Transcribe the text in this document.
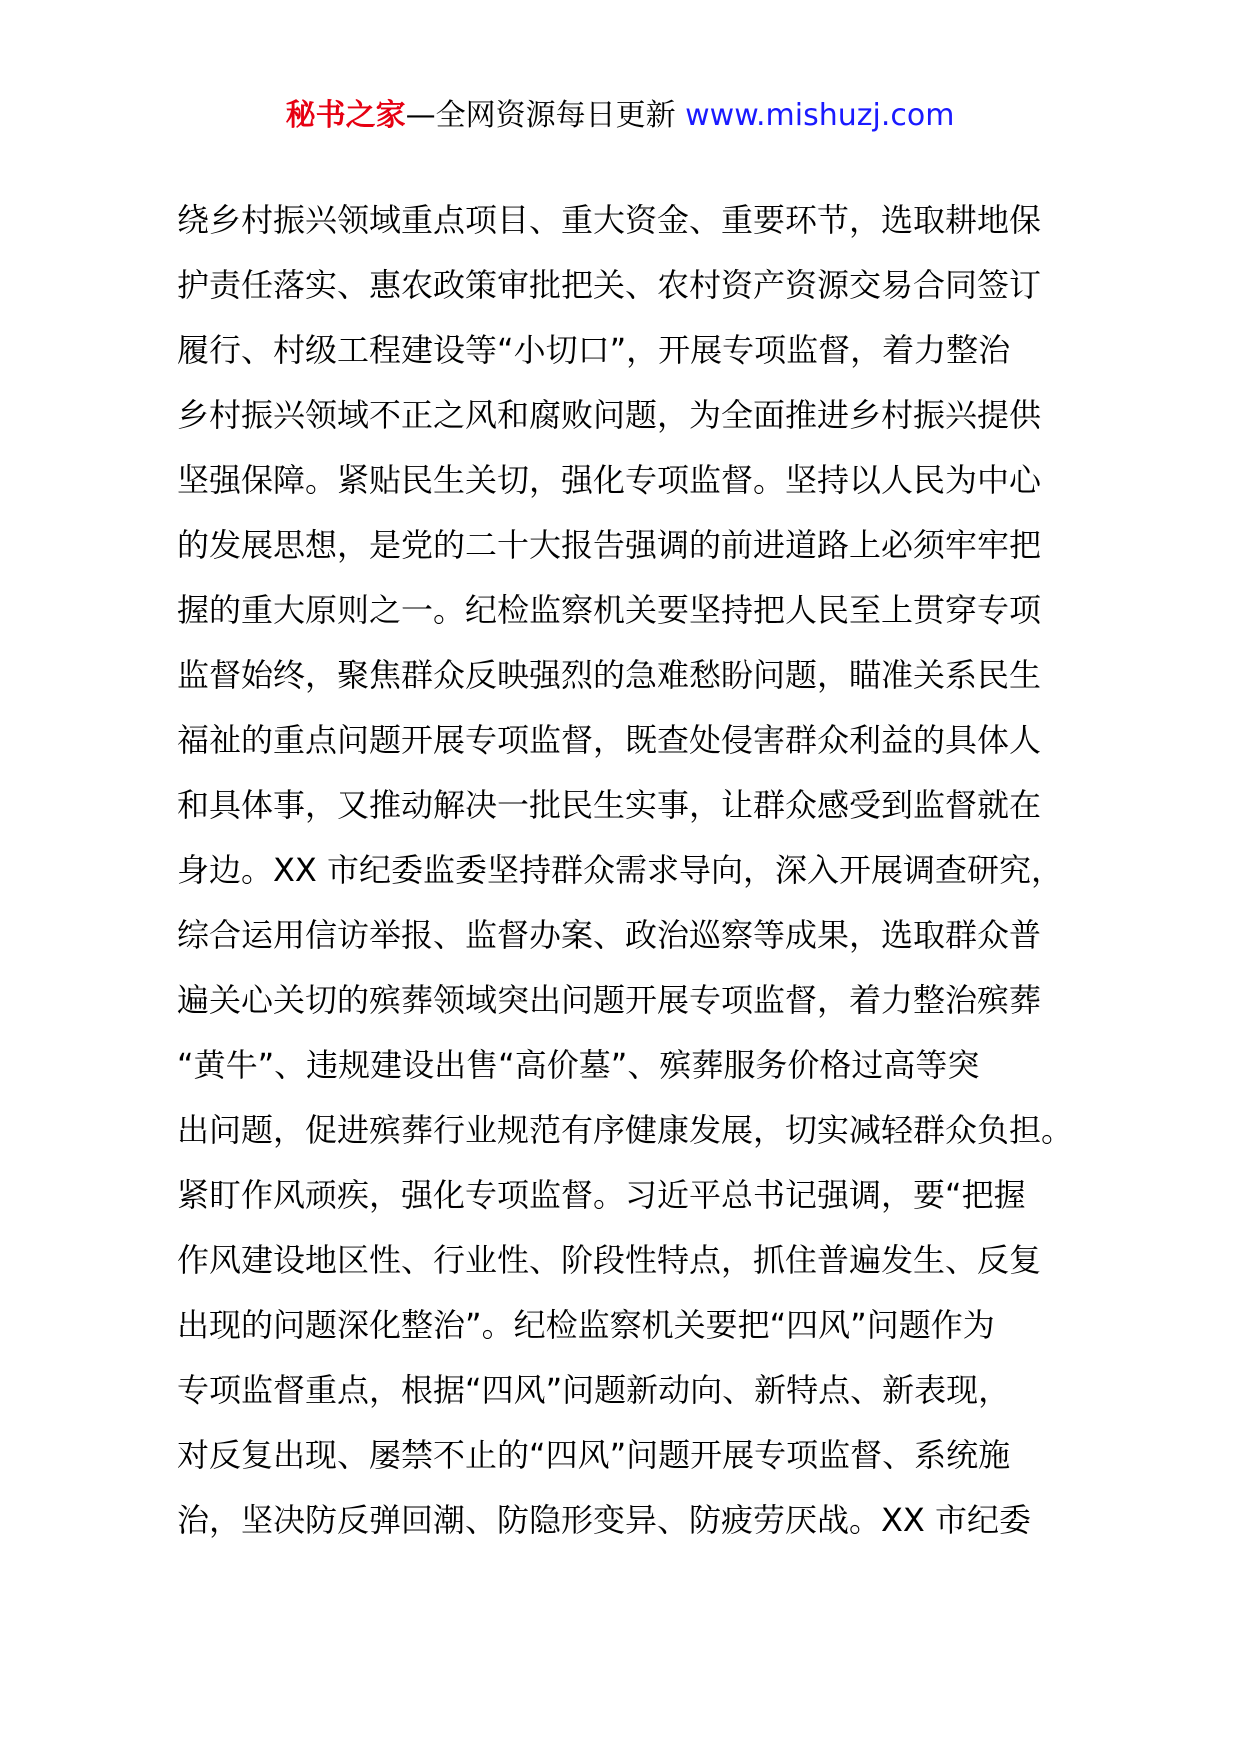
秘书之家—全网资源每日更新 www.mishuzj.com
绕乡村振兴领域重点项目、重大资金、重要环节，选取耕地保
护责任落实、惠农政策审批把关、农村资产资源交易合同签订
履行、村级工程建设等“小切口”，开展专项监督，着力整治
乡村振兴领域不正之风和腐败问题，为全面推进乡村振兴提供
坚强保障。紧贴民生关切，强化专项监督。坚持以人民为中心
的发展思想，是党的二十大报告强调的前进道路上必须牢牢把
握的重大原则之一。纪检监察机关要坚持把人民至上贯穿专项
监督始终，聚焦群众反映强烈的急难愁盼问题，瞄准关系民生
福祉的重点问题开展专项监督，既查处侵害群众利益的具体人
和具体事，又推动解决一批民生实事，让群众感受到监督就在
身边。XX 市纪委监委坚持群众需求导向，深入开展调查研究，
综合运用信访举报、监督办案、政治巡察等成果，选取群众普
遍关心关切的殡葬领域突出问题开展专项监督，着力整治殡葬
“黄牛”、违规建设出售“高价墓”、殡葬服务价格过高等突
出问题，促进殡葬行业规范有序健康发展，切实减轻群众负担。
紧盯作风顽疾，强化专项监督。习近平总书记强调，要“把握
作风建设地区性、行业性、阶段性特点，抓住普遍发生、反复
出现的问题深化整治”。纪检监察机关要把“四风”问题作为
专项监督重点，根据“四风”问题新动向、新特点、新表现，
对反复出现、屡禁不止的“四风”问题开展专项监督、系统施
治，坚决防反弹回潮、防隐形变异、防疲劳厌战。XX 市纪委
